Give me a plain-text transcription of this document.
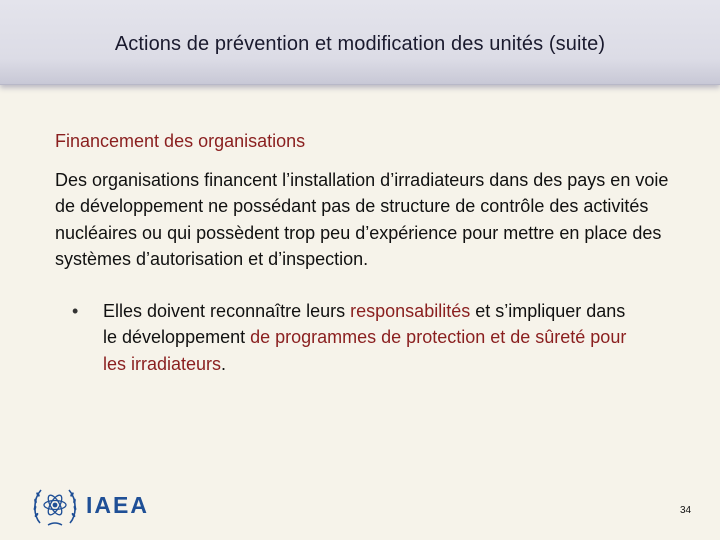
Actions de prévention et modification des unités (suite)

Financement des organisations

Des organisations financent l’installation d’irradiateurs dans des pays en voie de développement ne possédant pas de structure de contrôle des activités nucléaires ou qui possèdent trop peu d’expérience pour mettre en place des systèmes d’autorisation et d’inspection.

• Elles doivent reconnaître leurs responsabilités et s’impliquer dans le développement de programmes de protection et de sûreté pour les irradiateurs.
IAEA	34
